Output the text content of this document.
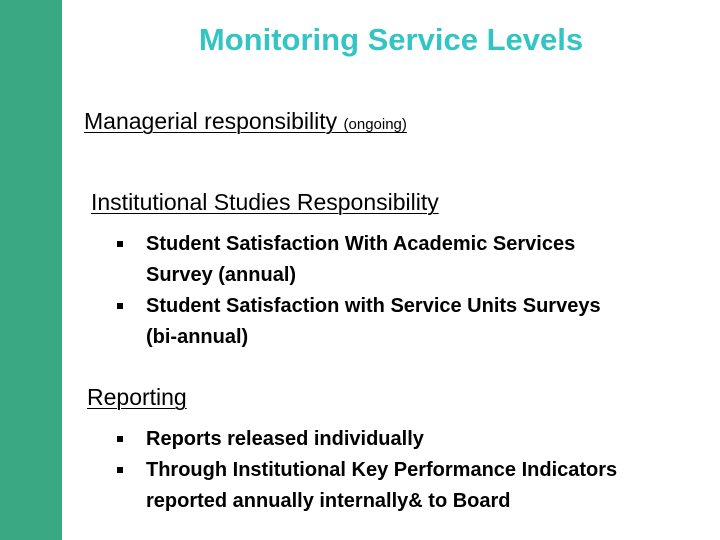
Monitoring Service Levels
Managerial responsibility (ongoing)
Institutional Studies Responsibility
Student Satisfaction With Academic Services
Survey (annual)
Student Satisfaction with Service Units Surveys
(bi-annual)
Reporting
Reports released individually
Through Institutional Key Performance Indicators
reported annually internally& to Board
